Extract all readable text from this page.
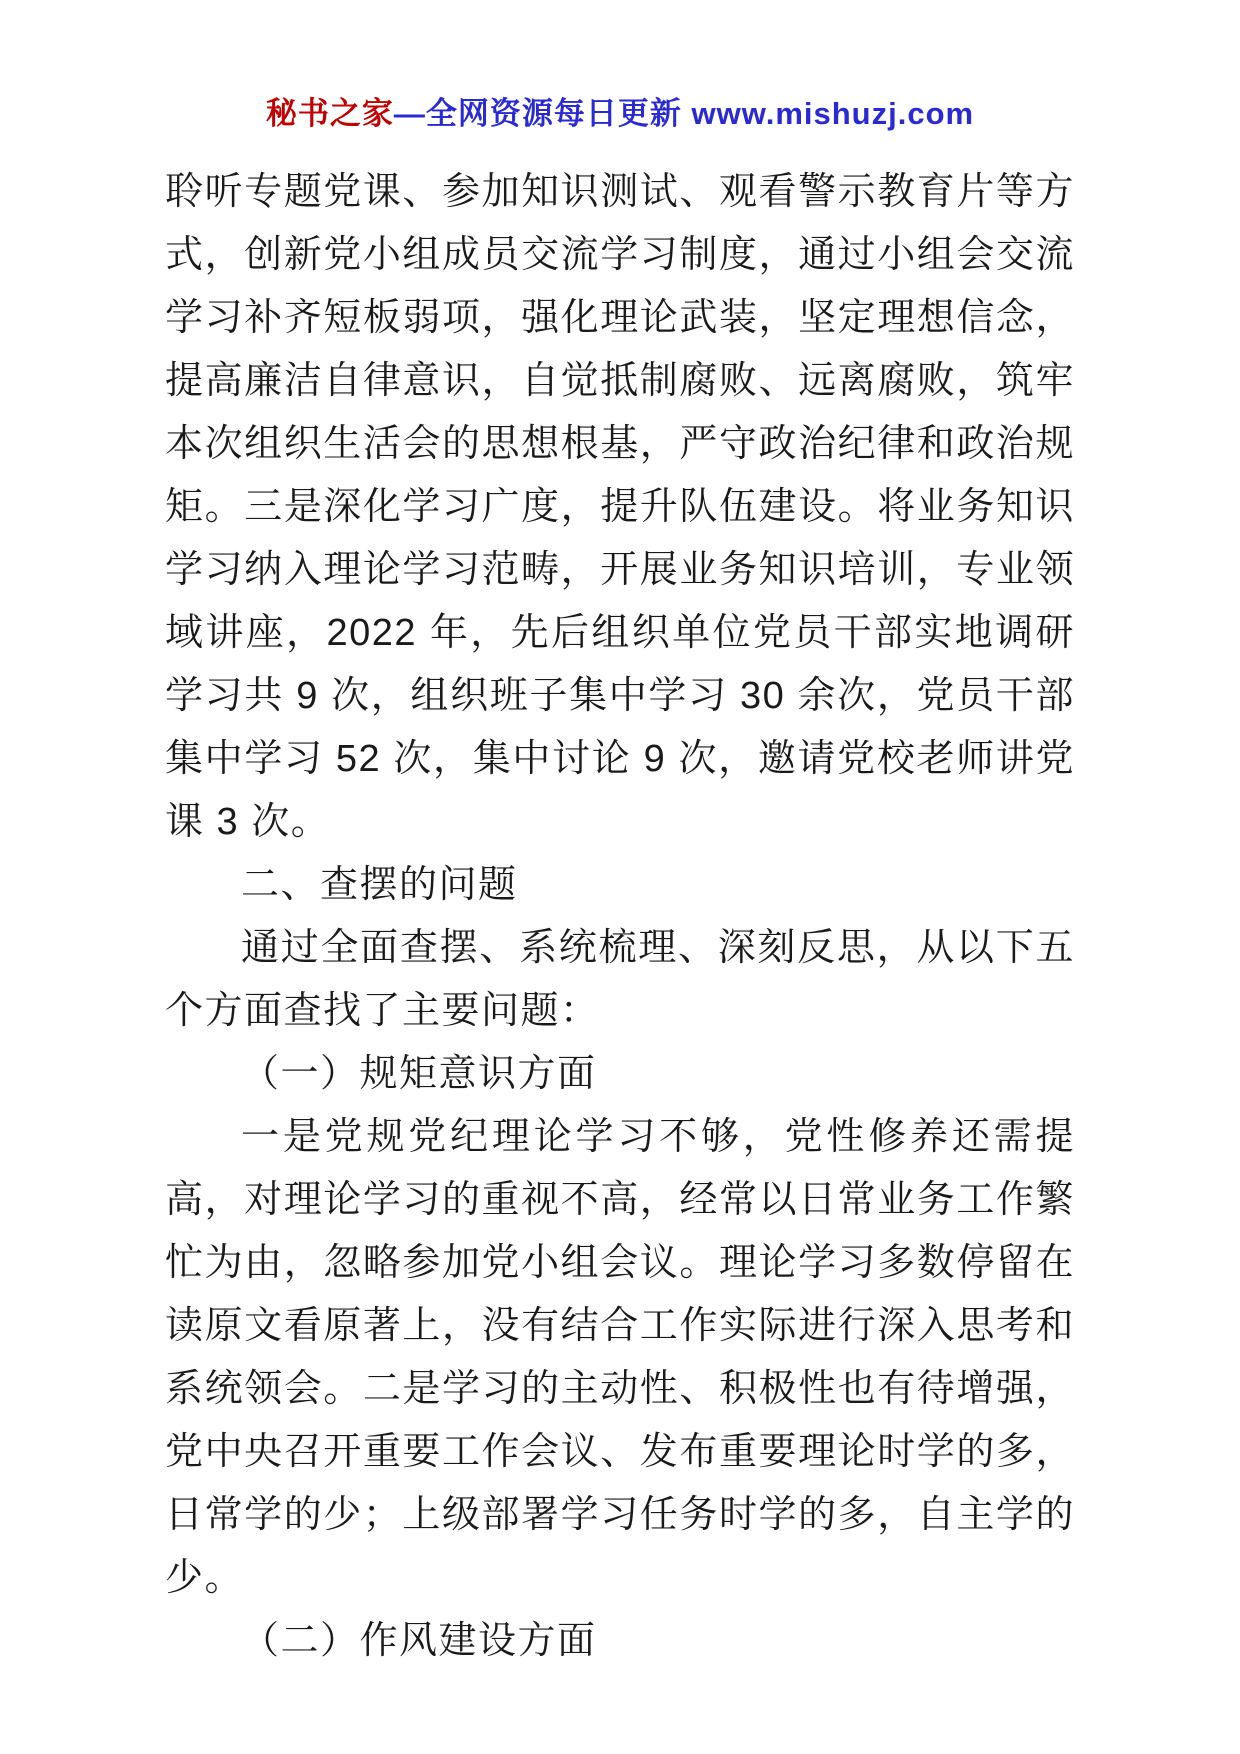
秘书之家—全网资源每日更新 www.mishuzj.com

聆听专题党课、参加知识测试、观看警示教育片等方式，创新党小组成员交流学习制度，通过小组会交流学习补齐短板弱项，强化理论武装，坚定理想信念，提高廉洁自律意识，自觉抵制腐败、远离腐败，筑牢本次组织生活会的思想根基，严守政治纪律和政治规矩。三是深化学习广度，提升队伍建设。将业务知识学习纳入理论学习范畴，开展业务知识培训，专业领域讲座，2022 年，先后组织单位党员干部实地调研学习共 9 次，组织班子集中学习 30 余次，党员干部集中学习 52 次，集中讨论 9 次，邀请党校老师讲党课 3 次。

二、查摆的问题

通过全面查摆、系统梳理、深刻反思，从以下五个方面查找了主要问题：

（一）规矩意识方面

一是党规党纪理论学习不够，党性修养还需提高，对理论学习的重视不高，经常以日常业务工作繁忙为由，忽略参加党小组会议。理论学习多数停留在读原文看原著上，没有结合工作实际进行深入思考和系统领会。二是学习的主动性、积极性也有待增强，党中央召开重要工作会议、发布重要理论时学的多，日常学的少；上级部署学习任务时学的多，自主学的少。

（二）作风建设方面
